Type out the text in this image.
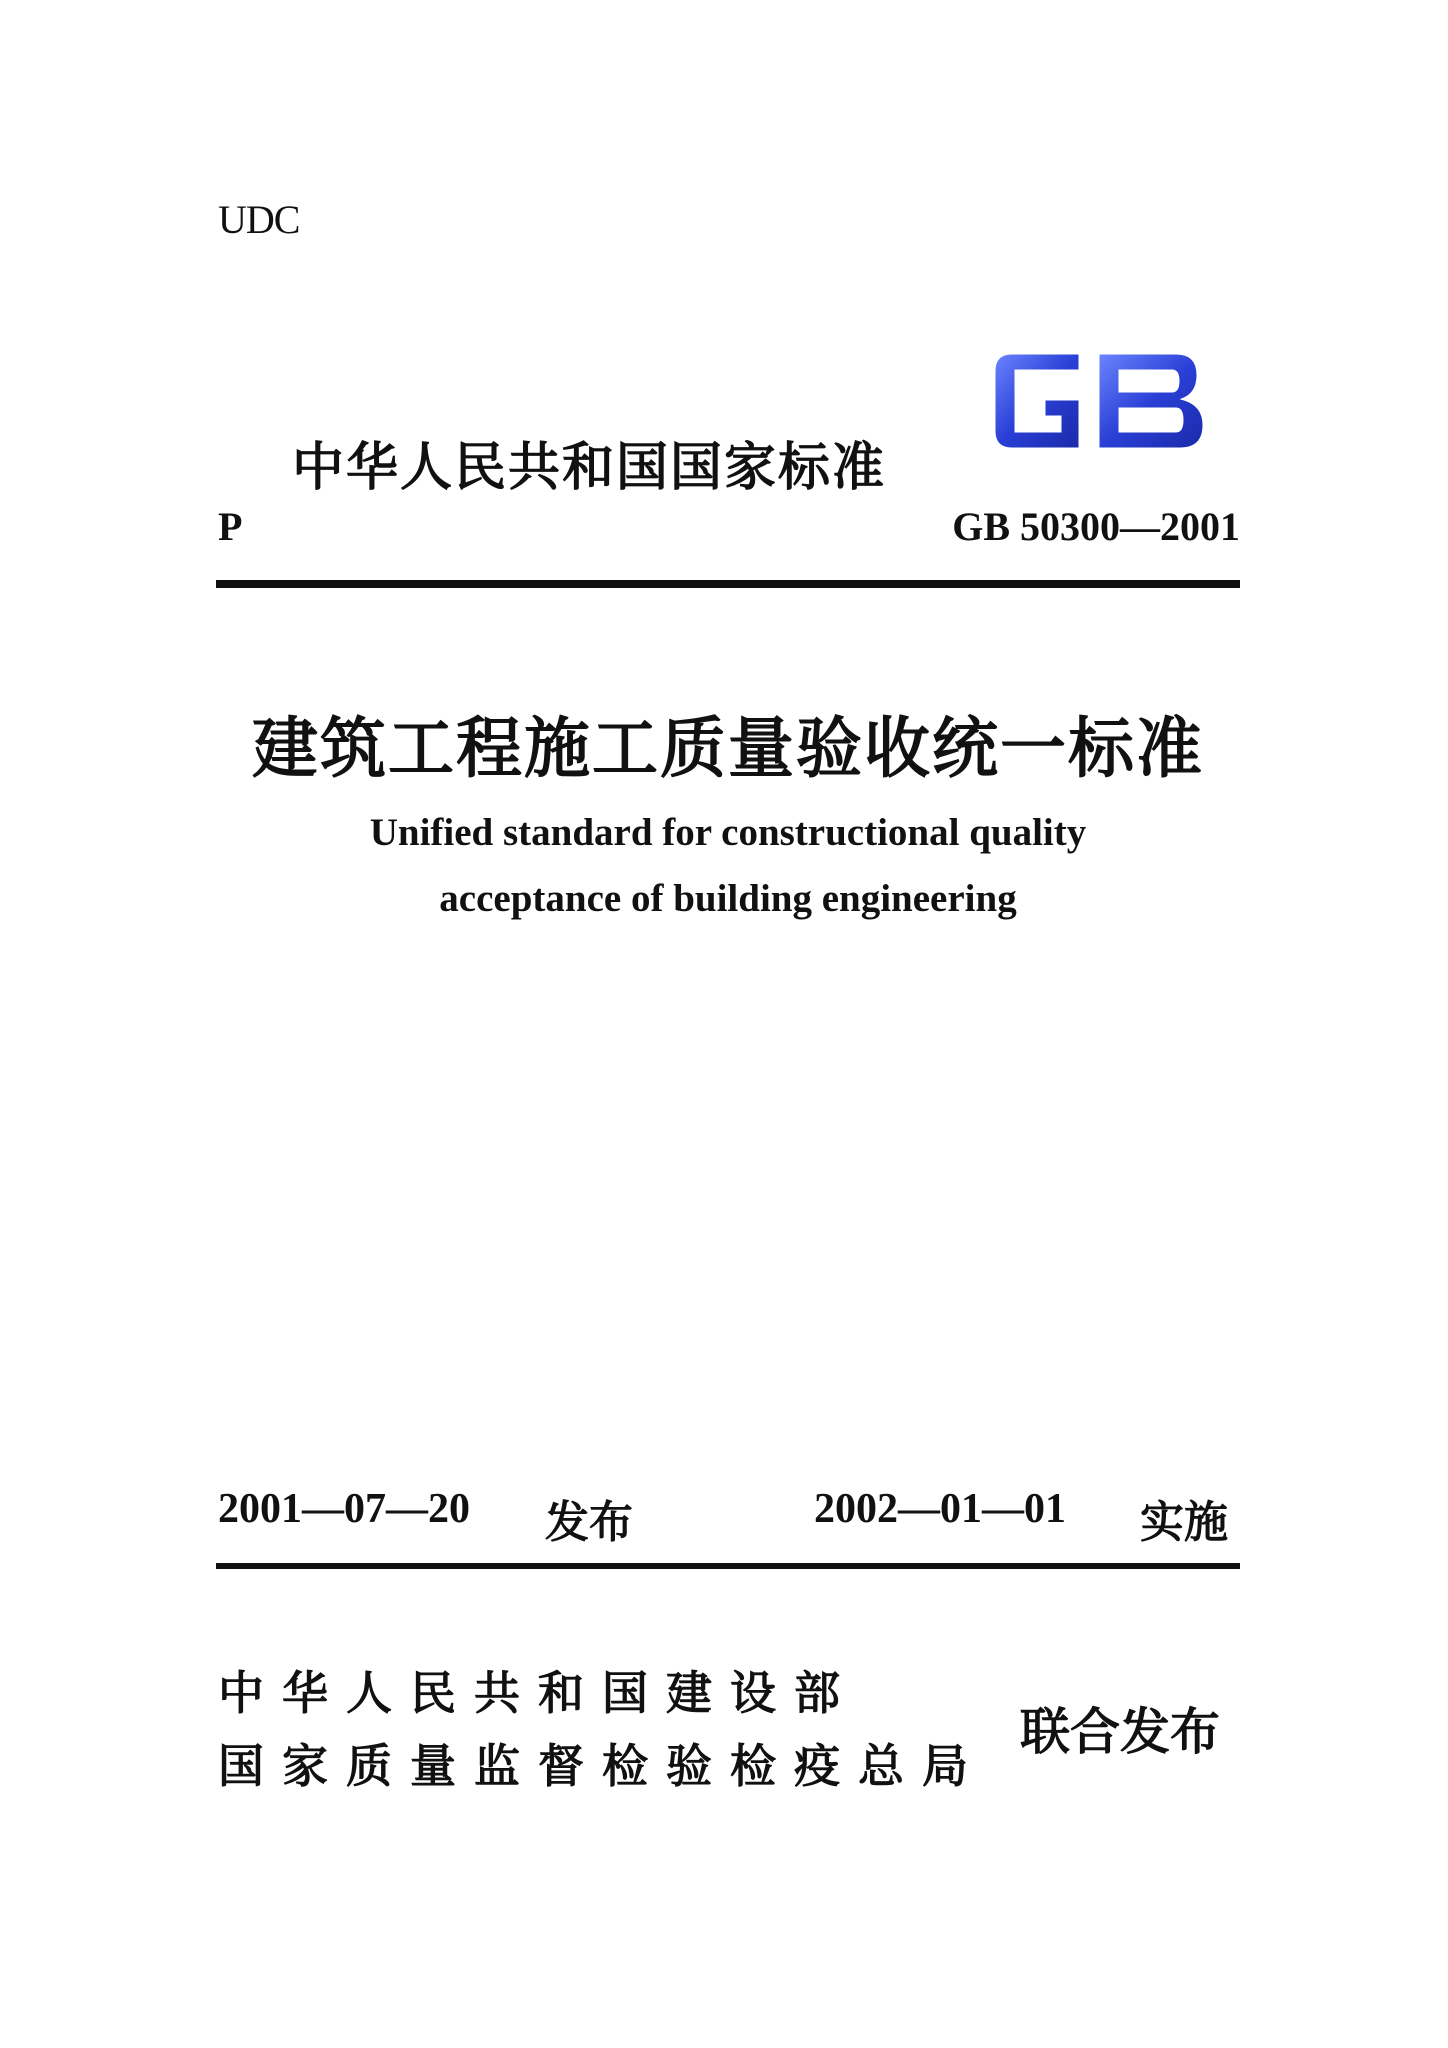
UDC
中华人民共和国国家标准
P	GB 50300—2001
建筑工程施工质量验收统一标准
Unified standard for constructional quality
acceptance of building engineering
2001—07—20 发布	2002—01—01 实施
中华人民共和国建设部
国家质量监督检验检疫总局
联合发布
